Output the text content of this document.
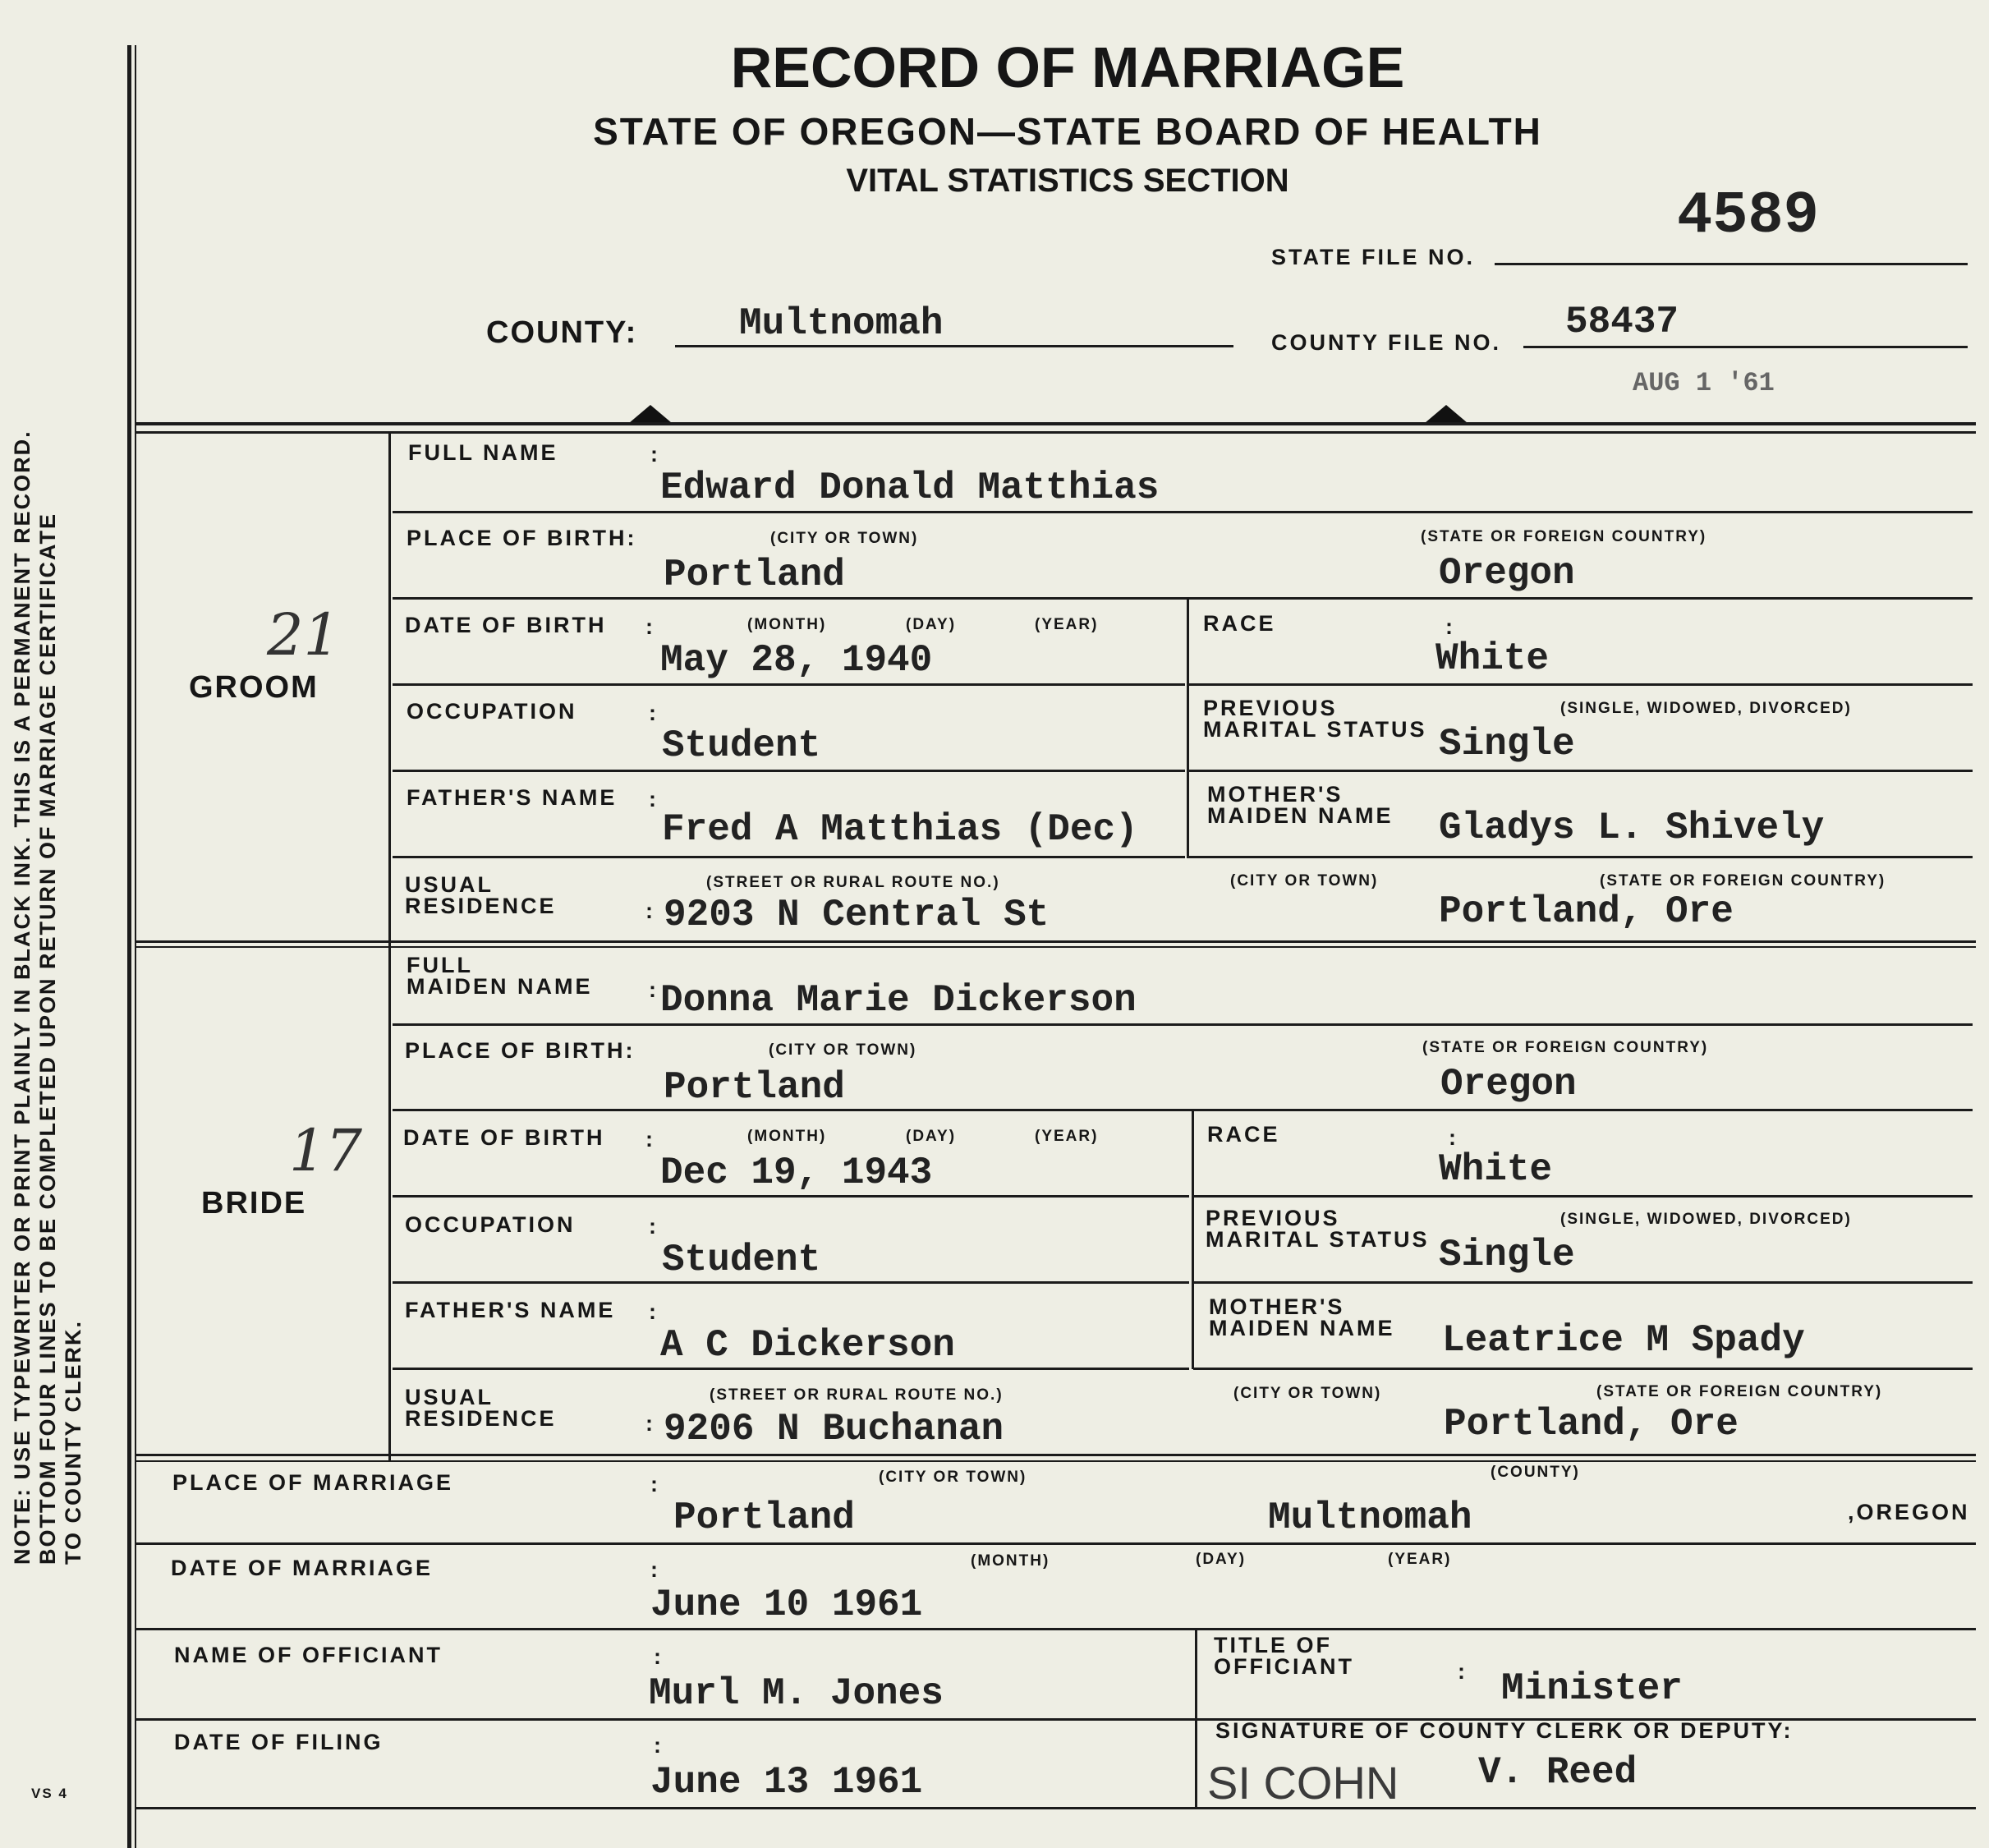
NOTE: USE TYPEWRITER OR PRINT PLAINLY IN BLACK INK. THIS IS A PERMANENT RECORD. BOTTOM FOUR LINES TO BE COMPLETED UPON RETURN OF MARRIAGE CERTIFICATE TO COUNTY CLERK.
VS 4
RECORD OF MARRIAGE
STATE OF OREGON—STATE BOARD OF HEALTH
VITAL STATISTICS SECTION
4589
STATE FILE NO.
COUNTY:	Multnomah	COUNTY FILE NO. 58437
AUG 1 '61
21
GROOM
FULL NAME	:
Edward Donald Matthias
PLACE OF BIRTH:	(CITY OR TOWN)	(STATE OR FOREIGN COUNTRY)
Portland	Oregon
DATE OF BIRTH :	(MONTH)	(DAY)	(YEAR)
May 28, 1940
RACE	:
White
OCCUPATION	:
Student
PREVIOUS
MARITAL STATUS
(SINGLE, WIDOWED, DIVORCED)
Single
FATHER'S NAME :
Fred A Matthias (Dec)
MOTHER'S
MAIDEN NAME Gladys L. Shively
USUAL
RESIDENCE
(STREET OR RURAL ROUTE NO.)	(CITY OR TOWN)	(STATE OR FOREIGN COUNTRY)
: 9203 N Central St	Portland, Ore
17
BRIDE
FULL
MAIDEN NAME	: Donna Marie Dickerson
PLACE OF BIRTH:	(CITY OR TOWN)	(STATE OR FOREIGN COUNTRY)
Portland	Oregon
DATE OF BIRTH :	(MONTH)	(DAY)	(YEAR)
Dec 19, 1943
RACE	:
White
OCCUPATION	:
Student
PREVIOUS
MARITAL STATUS
(SINGLE, WIDOWED, DIVORCED)
Single
FATHER'S NAME :
A C Dickerson
MOTHER'S
MAIDEN NAME Leatrice M Spady
USUAL
RESIDENCE
(STREET OR RURAL ROUTE NO.)	(CITY OR TOWN)	(STATE OR FOREIGN COUNTRY)
: 9206 N Buchanan	Portland, Ore
PLACE OF MARRIAGE	:	(CITY OR TOWN)	(COUNTY)
Portland	Multnomah	,OREGON
DATE OF MARRIAGE	:	(MONTH)	(DAY)	(YEAR)
June 10 1961
NAME OF OFFICIANT	:
Murl M. Jones
TITLE OF
OFFICIANT	: Minister
DATE OF FILING	:
June 13 1961
SIGNATURE OF COUNTY CLERK OR DEPUTY:
SI COHN V. Reed
